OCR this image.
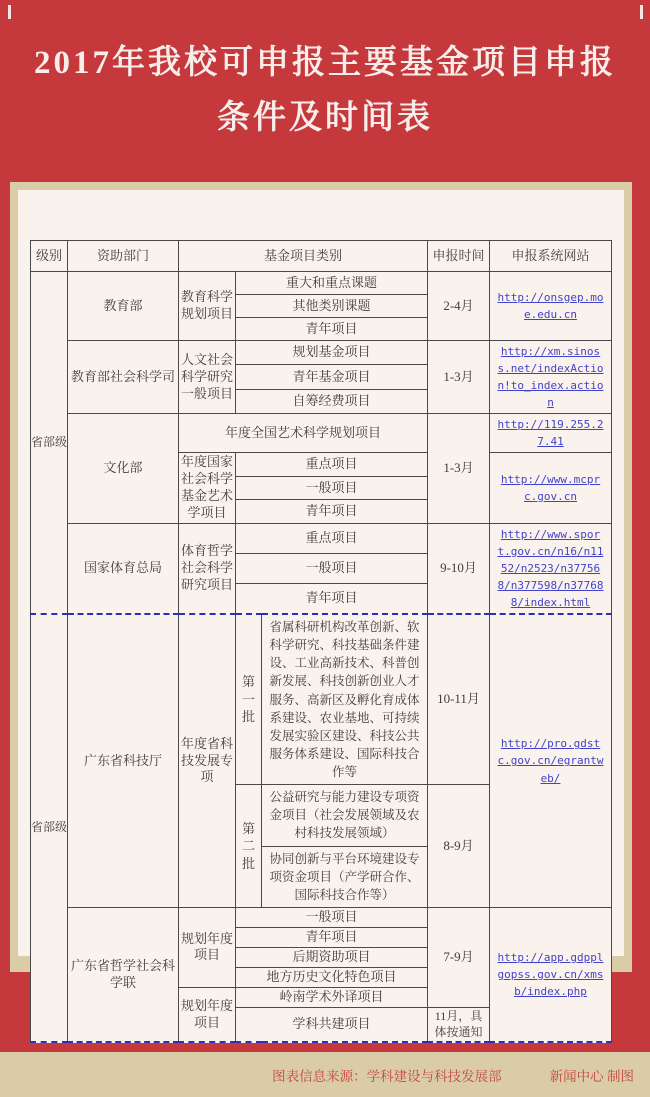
2017年我校可申报主要基金项目申报
条件及时间表
级别	资助部门	基金项目类别			申报时间	申报系统网站
省部级	教育部	教育科学规划项目	重大和重点课题		2-4月	http://onsgep.moe.edu.cn
			其他类别课题			
			青年项目			
	教育部社会科学司	人文社会科学研究一般项目	规划基金项目		1-3月	http://xm.sinoss.net/indexAction!to_index.action
			青年基金项目			
			自筹经费项目			
	文化部	年度全国艺术科学规划项目			1-3月	http://119.255.27.41
		年度国家社会科学基金艺术学项目	重点项目			http://www.mcprc.gov.cn
			一般项目			
			青年项目			
	国家体育总局	体育哲学社会科学研究项目	重点项目		9-10月	http://www.sport.gov.cn/n16/n1152/n2523/n377568/n377598/n377688/index.html
			一般项目			
			青年项目			
省部级	广东省科技厅	年度省科技发展专项	第一批	省属科研机构改革创新、软科学研究、科技基础条件建设、工业高新技术、科普创新发展、科技创新创业人才服务、高新区及孵化育成体系建设、农业基地、可持续发展实验区建设、科技公共服务体系建设、国际科技合作等	10-11月	http://pro.gdstc.gov.cn/egrantweb/
			第二批	公益研究与能力建设专项资金项目（社会发展领域及农村科技发展领域）	8-9月	
				协同创新与平台环境建设专项资金项目（产学研合作、国际科技合作等）		
	广东省哲学社会科学联	规划年度项目	一般项目		7-9月	http://app.gdpplgopss.gov.cn/xmsb/index.php
			青年项目			
			后期资助项目			
			地方历史文化特色项目			
		规划年度项目	岭南学术外译项目			
			学科共建项目		11月，具体按通知	
图表信息来源：学科建设与科技发展部	新闻中心 制图
